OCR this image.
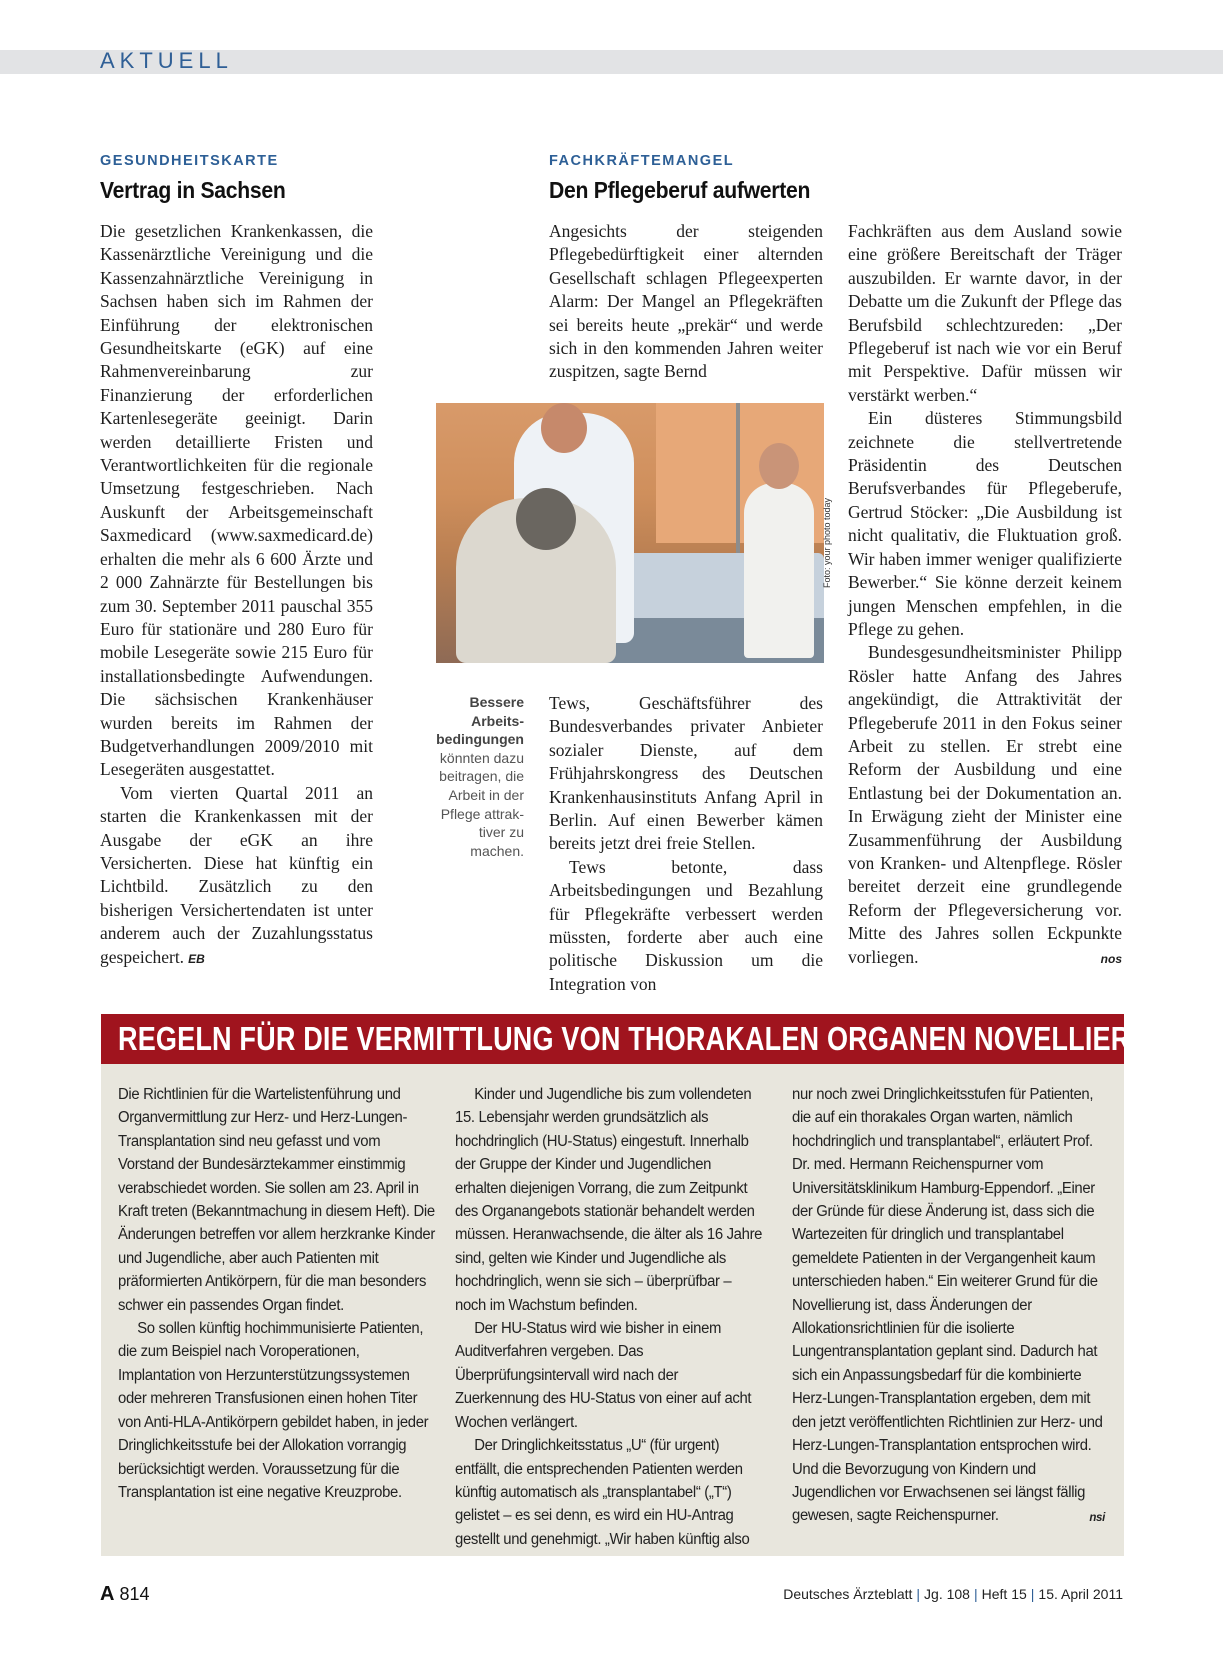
AKTUELL
GESUNDHEITSKARTE
Vertrag in Sachsen

Die gesetzlichen Krankenkassen, die Kassenärztliche Vereinigung und die Kassenzahnärztliche Vereinigung in Sachsen haben sich im Rahmen der Einführung der elektronischen Gesundheitskarte (eGK) auf eine Rahmenvereinbarung zur Finanzierung der erforderlichen Kartenlesegeräte geeinigt. Darin werden detaillierte Fristen und Verantwortlichkeiten für die regionale Umsetzung festgeschrieben. Nach Auskunft der Arbeitsgemeinschaft Saxmedicard (www.saxmedicard.de) erhalten die mehr als 6 600 Ärzte und 2 000 Zahnärzte für Bestellungen bis zum 30. September 2011 pauschal 355 Euro für stationäre und 280 Euro für mobile Lesegeräte sowie 215 Euro für installationsbedingte Aufwendungen. Die sächsischen Krankenhäuser wurden bereits im Rahmen der Budgetverhandlungen 2009/2010 mit Lesegeräten ausgestattet.

Vom vierten Quartal 2011 an starten die Krankenkassen mit der Ausgabe der eGK an ihre Versicherten. Diese hat künftig ein Lichtbild. Zusätzlich zu den bisherigen Versichertendaten ist unter anderem auch der Zuzahlungsstatus gespeichert. EB

FACHKRÄFTEMANGEL
Den Pflegeberuf aufwerten

Angesichts der steigenden Pflegebedürftigkeit einer alternden Gesellschaft schlagen Pflegeexperten Alarm: Der Mangel an Pflegekräften sei bereits heute „prekär“ und werde sich in den kommenden Jahren weiter zuspitzen, sagte Bernd

Foto: your photo today
Bessere Arbeitsbedingungen könnten dazu beitragen, die Arbeit in der Pflege attraktiver zu machen.

Tews, Geschäftsführer des Bundesverbandes privater Anbieter sozialer Dienste, auf dem Frühjahrskongress des Deutschen Krankenhausinstituts Anfang April in Berlin. Auf einen Bewerber kämen bereits jetzt drei freie Stellen.

Tews betonte, dass Arbeitsbedingungen und Bezahlung für Pflegekräfte verbessert werden müssten, forderte aber auch eine politische Diskussion um die Integration von

Fachkräften aus dem Ausland sowie eine größere Bereitschaft der Träger auszubilden. Er warnte davor, in der Debatte um die Zukunft der Pflege das Berufsbild schlechtzureden: „Der Pflegeberuf ist nach wie vor ein Beruf mit Perspektive. Dafür müssen wir verstärkt werben.“

Ein düsteres Stimmungsbild zeichnete die stellvertretende Präsidentin des Deutschen Berufsverbandes für Pflegeberufe, Gertrud Stöcker: „Die Ausbildung ist nicht qualitativ, die Fluktuation groß. Wir haben immer weniger qualifizierte Bewerber.“ Sie könne derzeit keinem jungen Menschen empfehlen, in die Pflege zu gehen.

Bundesgesundheitsminister Philipp Rösler hatte Anfang des Jahres angekündigt, die Attraktivität der Pflegeberufe 2011 in den Fokus seiner Arbeit zu stellen. Er strebt eine Reform der Ausbildung und eine Entlastung bei der Dokumentation an. In Erwägung zieht der Minister eine Zusammenführung der Ausbildung von Kranken- und Altenpflege. Rösler bereitet derzeit eine grundlegende Reform der Pflegeversicherung vor. Mitte des Jahres sollen Eckpunkte vorliegen.	nos

REGELN FÜR DIE VERMITTLUNG VON THORAKALEN ORGANEN NOVELLIERT

Die Richtlinien für die Wartelistenführung und Organvermittlung zur Herz- und Herz-Lungen-Transplantation sind neu gefasst und vom Vorstand der Bundesärztekammer einstimmig verabschiedet worden. Sie sollen am 23. April in Kraft treten (Bekanntmachung in diesem Heft). Die Änderungen betreffen vor allem herzkranke Kinder und Jugendliche, aber auch Patienten mit präformierten Antikörpern, für die man besonders schwer ein passendes Organ findet.

So sollen künftig hochimmunisierte Patienten, die zum Beispiel nach Voroperationen, Implantation von Herzunterstützungssystemen oder mehreren Transfusionen einen hohen Titer von Anti-HLA-Antikörpern gebildet haben, in jeder Dringlichkeitsstufe bei der Allokation vorrangig berücksichtigt werden. Voraussetzung für die Transplantation ist eine negative Kreuzprobe.

Kinder und Jugendliche bis zum vollendeten 15. Lebensjahr werden grundsätzlich als hochdringlich (HU-Status) eingestuft. Innerhalb der Gruppe der Kinder und Jugendlichen erhalten diejenigen Vorrang, die zum Zeitpunkt des Organangebots stationär behandelt werden müssen. Heranwachsende, die älter als 16 Jahre sind, gelten wie Kinder und Jugendliche als hochdringlich, wenn sie sich – überprüfbar – noch im Wachstum befinden.

Der HU-Status wird wie bisher in einem Auditverfahren vergeben. Das Überprüfungsintervall wird nach der Zuerkennung des HU-Status von einer auf acht Wochen verlängert.

Der Dringlichkeitsstatus „U“ (für urgent) entfällt, die entsprechenden Patienten werden künftig automatisch als „transplantabel“ („T“) gelistet – es sei denn, es wird ein HU-Antrag gestellt und genehmigt. „Wir haben künftig also

nur noch zwei Dringlichkeitsstufen für Patienten, die auf ein thorakales Organ warten, nämlich hochdringlich und transplantabel“, erläutert Prof. Dr. med. Hermann Reichenspurner vom Universitätsklinikum Hamburg-Eppendorf. „Einer der Gründe für diese Änderung ist, dass sich die Wartezeiten für dringlich und transplantabel gemeldete Patienten in der Vergangenheit kaum unterschieden haben.“ Ein weiterer Grund für die Novellierung ist, dass Änderungen der Allokationsrichtlinien für die isolierte Lungentransplantation geplant sind. Dadurch hat sich ein Anpassungsbedarf für die kombinierte Herz-Lungen-Transplantation ergeben, dem mit den jetzt veröffentlichten Richtlinien zur Herz- und Herz-Lungen-Transplantation entsprochen wird. Und die Bevorzugung von Kindern und Jugendlichen vor Erwachsenen sei längst fällig gewesen, sagte Reichenspurner.	nsi

A 814	Deutsches Ärzteblatt | Jg. 108 | Heft 15 | 15. April 2011
